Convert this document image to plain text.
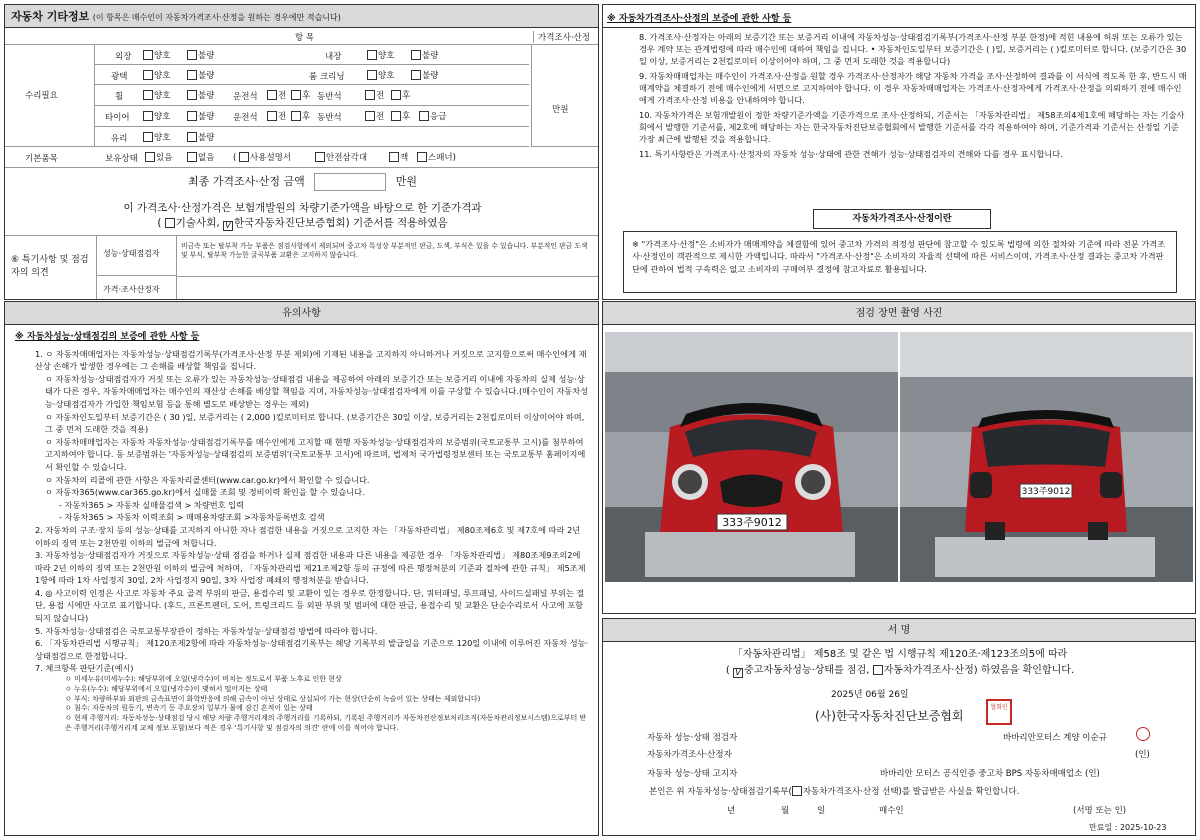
자동차 기타정보 (이 항목은 매수인이 자동차가격조사·산정을 원하는 경우에만 적습니다)
항 목	가격조사·산정
수리필요
만원
외장	양호	불량	내장	양호	불량
광택	양호	불량	룸 크리닝	양호	불량
휠	양호	불량 운전석	전	후 동반석	전	후
타이어	양호	불량 운전석	전	후 동반석	전	후	응급
유리	양호	불량
기본품목	보유상태	있음	없음 ( 사용설명서	안전삼각대	잭	스패너)
최종 가격조사·산정 금액	만원
이 가격조사·산정가격은 보험개발원의 차량기준가액을 바탕으로 한 기준가격과
( 기술사회, V 한국자동차진단보증협회) 기준서를 적용하였음
⑥ 특기사항 및 점검자의 의견
성능·상태점검자
비금속 또는 탈부착 가능 부품은 점검사항에서 제외되며 중고차 특성상 부분적인 판금, 도색, 부식은 있을 수 있습니다. 부분적인 판금 도색 및 부식, 탈부착 가능한 굴곡부품 교환은 고지하지 않습니다.
가격·조사산정자
※ 자동차가격조사·산정의 보증에 관한 사항 등
8. 가격조사·산정자는 아래의 보증기간 또는 보증거리 이내에 자동차성능·상태점검기록부(가격조사·산정 부분 한정)에 적힌 내용에 허위 또는 오류가 있는 경우 계약 또는 관계법령에 따라 매수인에 대하여 책임을 집니다. • 자동차인도일부터 보증기간은 ( )일, 보증거리는 ( )킬로미터로 합니다. (보증기간은 30일 이상, 보증거리는 2천킬로미터 이상이어야 하며, 그 중 먼저 도래한 것을 적용합니다)
9. 자동차매매업자는 매수인이 가격조사·산정을 원할 경우 가격조사·산정자가 해당 자동차 가격을 조사·산정하여 결과를 이 서식에 적도록 한 후, 반드시 매매계약을 체결하기 전에 매수인에게 서면으로 고지하여야 합니다. 이 경우 자동차매매업자는 가격조사·산정자에게 가격조사·산정을 의뢰하기 전에 매수인에게 가격조사·산정 비용을 안내하여야 합니다.
10. 자동차가격은 보험개발원이 정한 차량기준가액을 기준가격으로 조사·산정하되, 기준서는 「자동차관리법」 제58조의4제1호에 해당하는 자는 기술사회에서 발행한 기준서를, 제2호에 해당하는 자는 한국자동차진단보증협회에서 발행한 기준서를 각각 적용하여야 하며, 기준가격과 기준서는 산정일 기준 가장 최근에 발행된 것을 적용합니다.
11. 특기사항란은 가격조사·산정자의 자동차 성능·상태에 관한 견해가 성능·상태점검자의 견해와 다를 경우 표시합니다.
자동차가격조사·산정이란
※ "가격조사·산정"은 소비자가 매매계약을 체결함에 있어 중고차 가격의 적정성 판단에 참고할 수 있도록 법령에 의한 절차와 기준에 따라 전문 가격조사·산정인이 객관적으로 제시한 가액입니다. 따라서 "가격조사·산정"은 소비자의 자율적 선택에 따른 서비스이며, 가격조사·산정 결과는 중고차 가격판단에 관하여 법적 구속력은 없고 소비자의 구매여부 결정에 참고자료로 활용됩니다.
유의사항
※ 자동차성능·상태점검의 보증에 관한 사항 등
1. ㅇ 자동차매매업자는 자동차성능·상태점검기록부(가격조사·산정 부분 제외)에 기재된 내용을 고지하지 아니하거나 거짓으로 고지함으로써 매수인에게 재산상 손해가 발생한 경우에는 그 손해를 배상할 책임을 집니다.
ㅇ 자동차성능·상태점검자가 거짓 또는 오류가 있는 자동차성능·상태점검 내용을 제공하여 아래의 보증기간 또는 보증거리 이내에 자동차의 실제 성능·상태가 다른 경우, 자동차매매업자는 매수인의 재산상 손해를 배상할 책임을 지며, 자동차성능·상태점검자에게 이를 구상할 수 있습니다.(매수인이 자동차성능·상태점검자가 가입한 책임보험 등을 통해 별도로 배상받는 경우는 제외)
ㅇ 자동차인도일부터 보증기간은 ( 30 )일, 보증거리는 ( 2,000 )킬로미터로 합니다. (보증기간은 30일 이상, 보증거리는 2천킬로미터 이상이어야 하며, 그 중 먼저 도래한 것을 적용)
ㅇ 자동차매매업자는 자동차 자동차성능·상태점검기록부를 매수인에게 고지할 때 현행 자동차성능·상태점검자의 보증범위(국토교통부 고시)를 첨부하여 고지하여야 합니다. 동 보증범위는 '자동차성능·상태점검의 보증범위'(국토교통부 고시)에 따르며, 법제처 국가법령정보센터 또는 국토교통부 홈페이지에서 확인할 수 있습니다.
ㅇ 자동차의 리콜에 관한 사항은 자동차리콜센터(www.car.go.kr)에서 확인할 수 있습니다.
ㅇ 자동차365(www.car365.go.kr)에서 실매물 조회 및 정비이력 확인을 할 수 있습니다.
- 자동차365 > 자동차 실매물검색 > 차량번호 입력
- 자동차365 > 자동차 이력조회 > 매매용차량조회 >자동차등록번호 검색
2. 자동차의 구조·장치 등의 성능·상태를 고지하지 아니한 자나 점검한 내용을 거짓으로 고지한 자는 「자동차관리법」 제80조제6호 및 제7호에 따라 2년 이하의 징역 또는 2천만원 이하의 벌금에 처합니다.
3. 자동차성능·상태점검자가 거짓으로 자동차성능·상태 점검을 하거나 실제 점검한 내용과 다른 내용을 제공한 경우 「자동차관리법」 제80조제9조의2에 따라 2년 이하의 징역 또는 2천만원 이하의 벌금에 처하며, 「자동차관리법 제21조제2항 등의 규정에 따른 행정처분의 기준과 절차에 관한 규칙」 제5조제1항에 따라 1차 사업정지 30일, 2차 사업정지 90일, 3차 사업장 폐쇄의 행정처분을 받습니다.
4. ◎ 사고이력 인정은 사고로 자동차 주요 골격 부위의 판금, 용접수리 및 교환이 있는 경우로 한정합니다. 단, 쿼터패널, 루프패널, 사이드실패널 부위는 절단, 용접 시에만 사고로 표기합니다. (후드, 프론트펜더, 도어, 트렁크리드 등 외판 부위 및 범퍼에 대한 판금, 용접수리 및 교환은 단순수리로서 사고에 포함되지 않습니다)
5. 자동차성능·상태점검은 국토교통부장관이 정하는 자동차성능·상태점검 방법에 따라야 합니다.
6. 「자동차관리법 시행규칙」 제120조제2항에 따라 자동차성능·상태점검기록부는 해당 기록부의 발급일을 기준으로 120일 이내에 이루어진 자동차 성능·상태점검으로 한정합니다.
7. 체크항목 판단기준(예시)
ㅇ 미세누유(미세누수): 해당부위에 오일(냉각수)이 비치는 정도로서 부품 노후로 인한 현상
ㅇ 누유(누수): 해당부위에서 오일(냉각수)이 맺혀서 떨어지는 상태
ㅇ 부식: 차량하부와 외판의 금속표면이 화학반응에 의해 금속이 아닌 상태로 상실되어 가는 현상(단순히 녹슬어 있는 상태는 제외합니다)
ㅇ 침수: 자동차의 원동기, 변속기 등 주요장치 일부가 물에 잠긴 흔적이 있는 상태
ㅇ 현재 주행거리: 자동차성능·상태점검 당시 해당 차량 주행거리계의 주행거리를 기록하되, 기록된 주행거리가 자동차전산정보처리조직(자동차관리정보시스템)으로부터 받은 주행거리(주행거리계 교체 정보 포함)보다 적은 경우 '특기사항 및 점검자의 의견' 란에 이를 적어야 합니다.
점검 장면 촬영 사진
333주9012
333주9012
서 명
「자동차관리법」 제58조 및 같은 법 시행규칙 제120조·제123조의5에 따라
( V 중고자동차성능·상태를 점검, 자동차가격조사·산정) 하였음을 확인합니다.
2025년 06월 26일
(사)한국자동차진단보증협회
협회인
자동차 성능·상태 점검자	바바리안모터스 계양 이순규
자동차가격조사·산정자	(인)
자동차 성능·상태 고지자	바바리안 모터스 공식인증 중고차 BPS 자동차매매업소 (인)
본인은 위 자동차성능·상태점검기록부( 자동차가격조사·산정 선택)를 발급받은 사실을 확인합니다.
년	월	일	매수인	(서명 또는 인)
만료일 : 2025-10-23
